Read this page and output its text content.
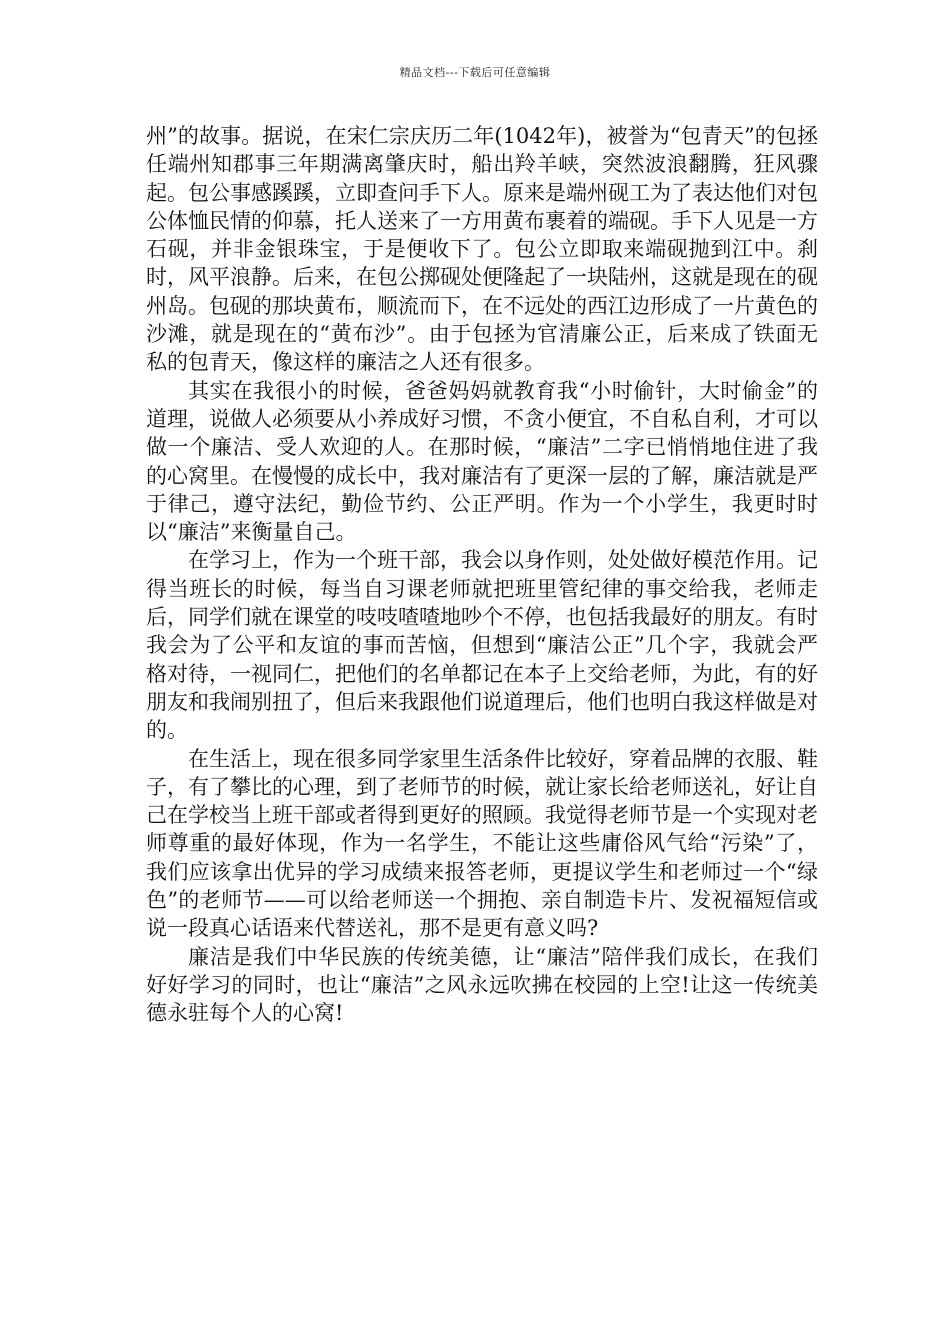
精品文档---下载后可任意编辑

州”的故事。据说，在宋仁宗庆历二年(1042年)，被誉为“包青天”的包拯任端州知郡事三年期满离肇庆时，船出羚羊峡，突然波浪翻腾，狂风骤起。包公事感蹊蹊，立即查问手下人。原来是端州砚工为了表达他们对包公体恤民情的仰慕，托人送来了一方用黄布裹着的端砚。手下人见是一方石砚，并非金银珠宝，于是便收下了。包公立即取来端砚抛到江中。刹时，风平浪静。后来，在包公掷砚处便隆起了一块陆州，这就是现在的砚州岛。包砚的那块黄布，顺流而下，在不远处的西江边形成了一片黄色的沙滩，就是现在的“黄布沙”。由于包拯为官清廉公正，后来成了铁面无私的包青天，像这样的廉洁之人还有很多。

其实在我很小的时候，爸爸妈妈就教育我“小时偷针，大时偷金”的道理，说做人必须要从小养成好习惯，不贪小便宜，不自私自利，才可以做一个廉洁、受人欢迎的人。在那时候，“廉洁”二字已悄悄地住进了我的心窝里。在慢慢的成长中，我对廉洁有了更深一层的了解，廉洁就是严于律己，遵守法纪，勤俭节约、公正严明。作为一个小学生，我更时时以“廉洁”来衡量自己。

在学习上，作为一个班干部，我会以身作则，处处做好模范作用。记得当班长的时候，每当自习课老师就把班里管纪律的事交给我，老师走后，同学们就在课堂的吱吱喳喳地吵个不停，也包括我最好的朋友。有时我会为了公平和友谊的事而苦恼，但想到“廉洁公正”几个字，我就会严格对待，一视同仁，把他们的名单都记在本子上交给老师，为此，有的好朋友和我闹别扭了，但后来我跟他们说道理后，他们也明白我这样做是对的。

在生活上，现在很多同学家里生活条件比较好，穿着品牌的衣服、鞋子，有了攀比的心理，到了老师节的时候，就让家长给老师送礼，好让自己在学校当上班干部或者得到更好的照顾。我觉得老师节是一个实现对老师尊重的最好体现，作为一名学生，不能让这些庸俗风气给“污染”了，我们应该拿出优异的学习成绩来报答老师，更提议学生和老师过一个“绿色”的老师节——可以给老师送一个拥抱、亲自制造卡片、发祝福短信或说一段真心话语来代替送礼，那不是更有意义吗?

廉洁是我们中华民族的传统美德，让“廉洁”陪伴我们成长，在我们好好学习的同时，也让“廉洁”之风永远吹拂在校园的上空!让这一传统美德永驻每个人的心窝!
